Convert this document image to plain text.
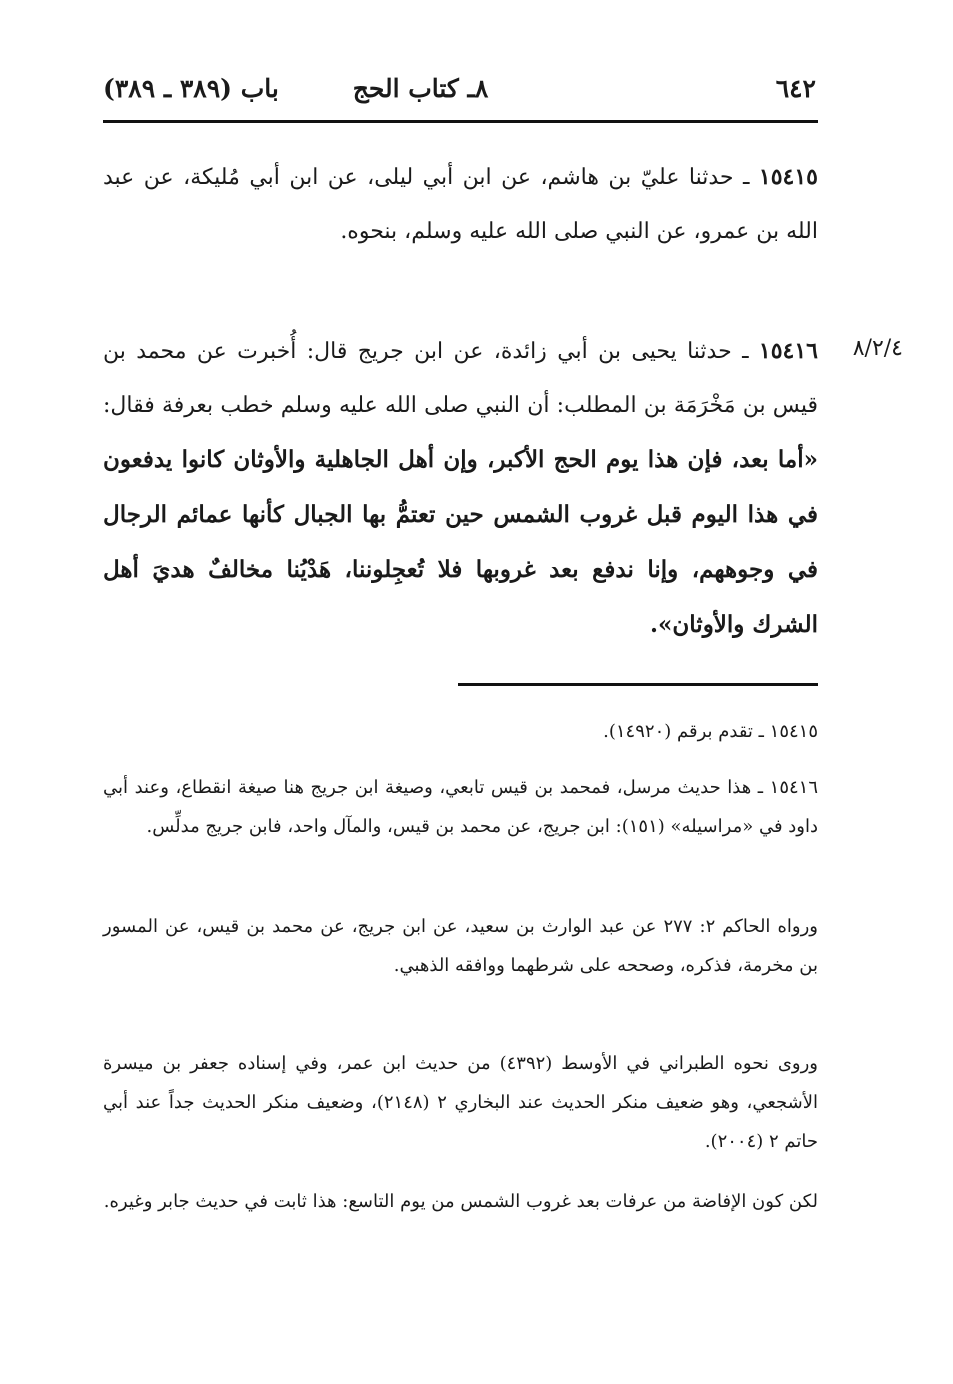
٦٤٢
٨ـ كتاب الحج
باب (٣٨٩ ـ ٣٨٩)
١٥٤١٥ ـ حدثنا عليّ بن هاشم، عن ابن أبي ليلى، عن ابن أبي مُليكة، عن عبد الله بن عمرو، عن النبي صلى الله عليه وسلم، بنحوه.
٨/٢/٤
١٥٤١٦ ـ حدثنا يحيى بن أبي زائدة، عن ابن جريج قال: أُخبرت عن محمد بن قيس بن مَخْرَمَة بن المطلب: أن النبي صلى الله عليه وسلم خطب بعرفة فقال: «أما بعد، فإن هذا يوم الحج الأكبر، وإن أهل الجاهلية والأوثان كانوا يدفعون في هذا اليوم قبل غروب الشمس حين تعتمُّ بها الجبال كأنها عمائم الرجال في وجوههم، وإنا ندفع بعد غروبها فلا تُعجِلوننا، هَدْيُنا مخالفٌ هديَ أهل الشرك والأوثان».
١٥٤١٥ ـ تقدم برقم (١٤٩٢٠).
١٥٤١٦ ـ هذا حديث مرسل، فمحمد بن قيس تابعي، وصيغة ابن جريج هنا صيغة انقطاع، وعند أبي داود في «مراسيله» (١٥١): ابن جريج، عن محمد بن قيس، والمآل واحد، فابن جريج مدلِّس.
ورواه الحاكم ٢: ٢٧٧ عن عبد الوارث بن سعيد، عن ابن جريج، عن محمد بن قيس، عن المسور بن مخرمة، فذكره، وصححه على شرطهما ووافقه الذهبي.
وروى نحوه الطبراني في الأوسط (٤٣٩٢) من حديث ابن عمر، وفي إسناده جعفر بن ميسرة الأشجعي، وهو ضعيف منكر الحديث عند البخاري ٢ (٢١٤٨)، وضعيف منكر الحديث جداً عند أبي حاتم ٢ (٢٠٠٤).
لكن كون الإفاضة من عرفات بعد غروب الشمس من يوم التاسع: هذا ثابت في حديث جابر وغيره.
